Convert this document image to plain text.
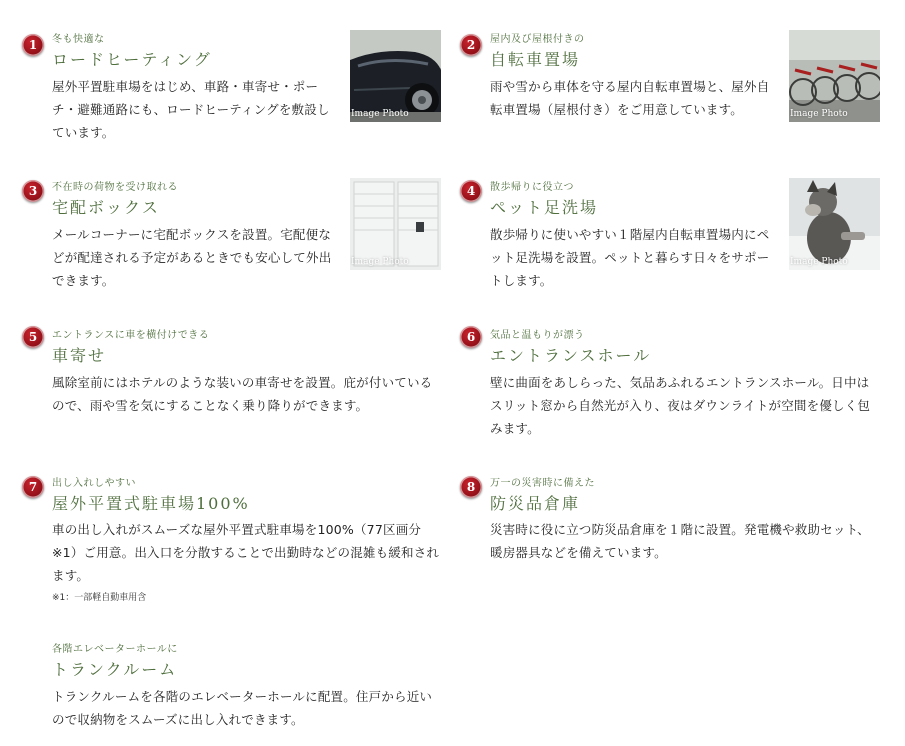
1	冬も快適な
ロードヒーティング
屋外平置駐車場をはじめ、車路・車寄せ・ポーチ・避難通路にも、ロードヒーティングを敷設しています。
Image Photo
2	屋内及び屋根付きの
自転車置場
雨や雪から車体を守る屋内自転車置場と、屋外自転車置場（屋根付き）をご用意しています。	Image Photo
3	不在時の荷物を受け取れる
宅配ボックス
メールコーナーに宅配ボックスを設置。宅配便などが配達される予定があるときでも安心して外出できます。
Image Photo
4	散歩帰りに役立つ
ペット足洗場
散歩帰りに使いやすい１階屋内自転車置場内にペット足洗場を設置。ペットと暮らす日々をサポートします。
Image Photo
5	エントランスに車を横付けできる
車寄せ
風除室前にはホテルのような装いの車寄せを設置。庇が付いているので、雨や雪を気にすることなく乗り降りができます。
6	気品と温もりが漂う
エントランスホール
壁に曲面をあしらった、気品あふれるエントランスホール。日中はスリット窓から自然光が入り、夜はダウンライトが空間を優しく包みます。
7	出し入れしやすい
屋外平置式駐車場100%
車の出し入れがスムーズな屋外平置式駐車場を100%（77区画分※1）ご用意。出入口を分散することで出勤時などの混雑も緩和されます。
※1：一部軽自動車用含
8	万一の災害時に備えた
防災品倉庫
災害時に役に立つ防災品倉庫を１階に設置。発電機や救助セット、暖房器具などを備えています。
各階エレベーターホールに
トランクルーム
トランクルームを各階のエレベーターホールに配置。住戸から近いので収納物をスムーズに出し入れできます。
